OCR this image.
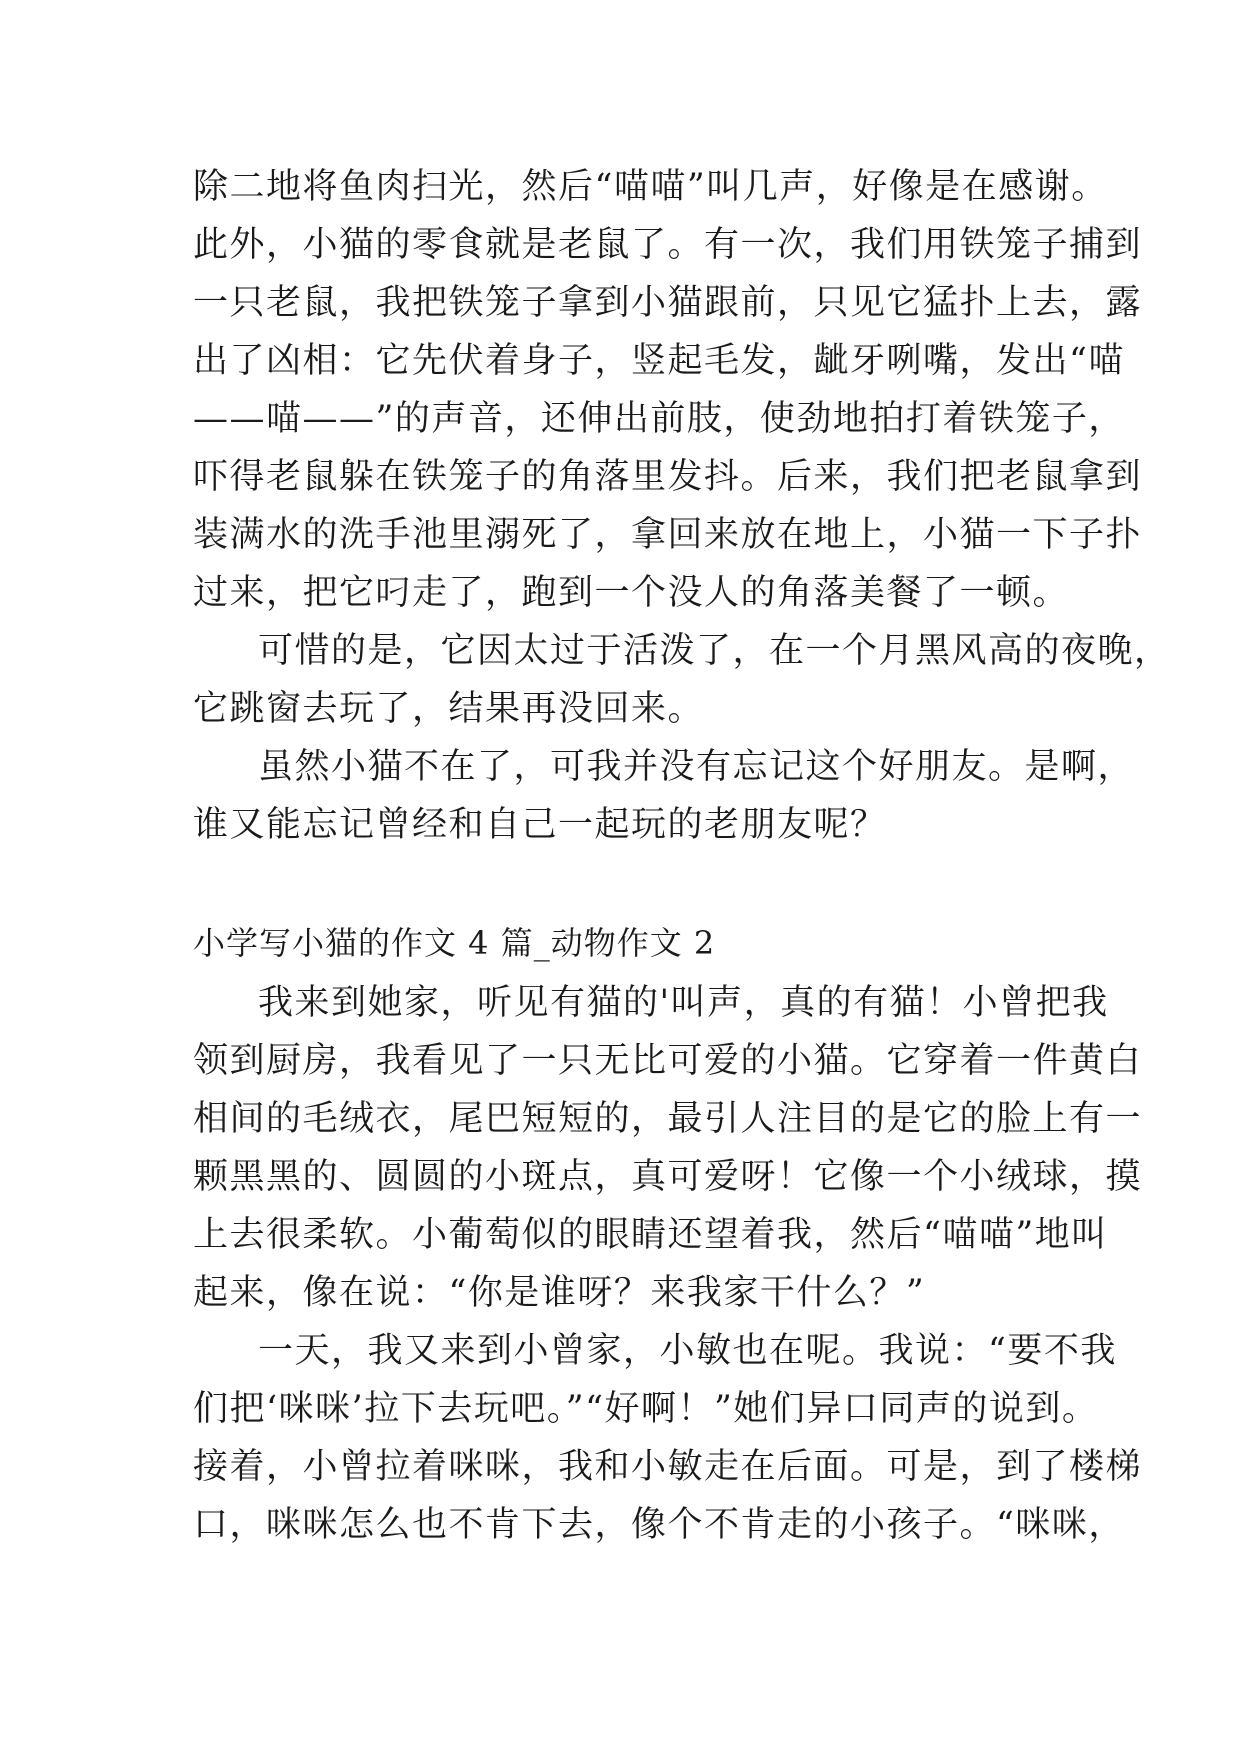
除二地将鱼肉扫光，然后“喵喵”叫几声，好像是在感谢。
此外，小猫的零食就是老鼠了。有一次，我们用铁笼子捕到
一只老鼠，我把铁笼子拿到小猫跟前，只见它猛扑上去，露
出了凶相：它先伏着身子，竖起毛发，龇牙咧嘴，发出“喵
——喵——”的声音，还伸出前肢，使劲地拍打着铁笼子，
吓得老鼠躲在铁笼子的角落里发抖。后来，我们把老鼠拿到
装满水的洗手池里溺死了，拿回来放在地上，小猫一下子扑
过来，把它叼走了，跑到一个没人的角落美餐了一顿。
可惜的是，它因太过于活泼了，在一个月黑风高的夜晚，
它跳窗去玩了，结果再没回来。
虽然小猫不在了，可我并没有忘记这个好朋友。是啊，
谁又能忘记曾经和自己一起玩的老朋友呢？
小学写小猫的作文 4 篇_动物作文 2
我来到她家，听见有猫的'叫声，真的有猫！小曾把我
领到厨房，我看见了一只无比可爱的小猫。它穿着一件黄白
相间的毛绒衣，尾巴短短的，最引人注目的是它的脸上有一
颗黑黑的、圆圆的小斑点，真可爱呀！它像一个小绒球，摸
上去很柔软。小葡萄似的眼睛还望着我，然后“喵喵”地叫
起来，像在说：“你是谁呀？来我家干什么？”
一天，我又来到小曾家，小敏也在呢。我说：“要不我
们把‘咪咪’拉下去玩吧。”“好啊！”她们异口同声的说到。
接着，小曾拉着咪咪，我和小敏走在后面。可是，到了楼梯
口，咪咪怎么也不肯下去，像个不肯走的小孩子。“咪咪，
